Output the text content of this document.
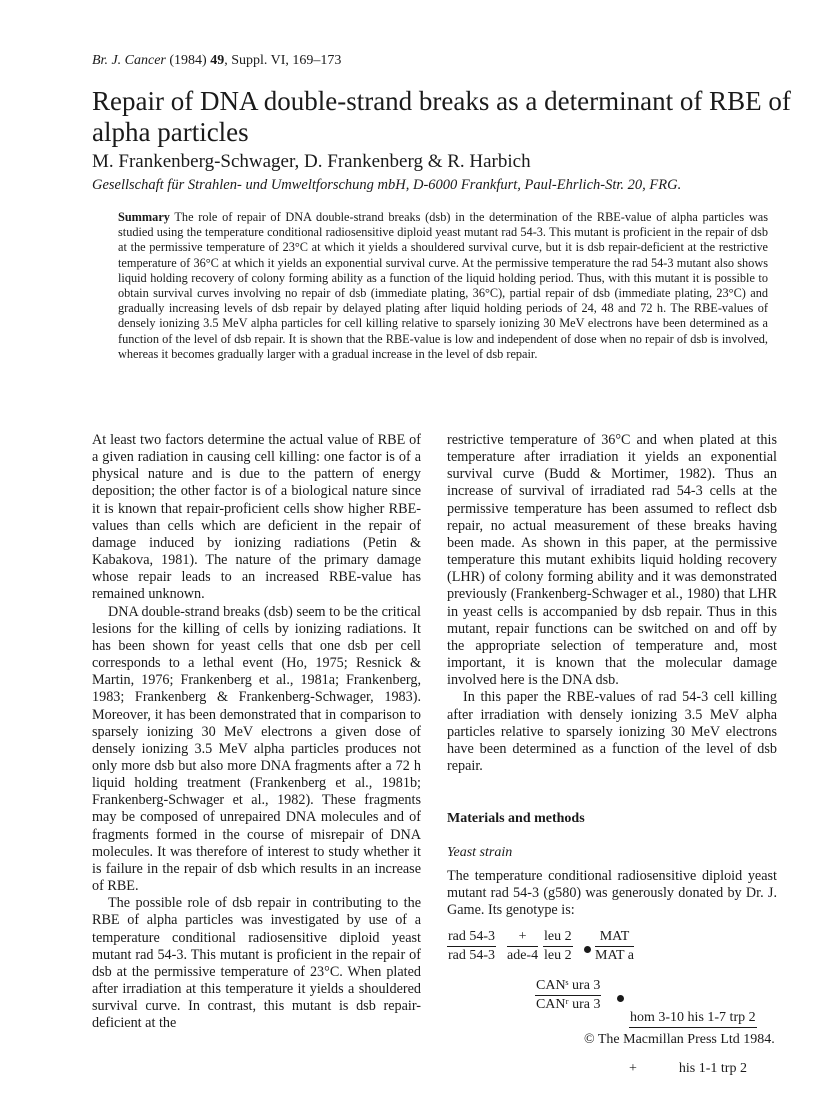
Br. J. Cancer (1984) 49, Suppl. VI, 169–173
Repair of DNA double-strand breaks as a determinant of RBE of alpha particles
M. Frankenberg-Schwager, D. Frankenberg & R. Harbich
Gesellschaft für Strahlen- und Umweltforschung mbH, D-6000 Frankfurt, Paul-Ehrlich-Str. 20, FRG.
Summary The role of repair of DNA double-strand breaks (dsb) in the determination of the RBE-value of alpha particles was studied using the temperature conditional radiosensitive diploid yeast mutant rad 54-3. This mutant is proficient in the repair of dsb at the permissive temperature of 23°C at which it yields a shouldered survival curve, but it is dsb repair-deficient at the restrictive temperature of 36°C at which it yields an exponential survival curve. At the permissive temperature the rad 54-3 mutant also shows liquid holding recovery of colony forming ability as a function of the liquid holding period. Thus, with this mutant it is possible to obtain survival curves involving no repair of dsb (immediate plating, 36°C), partial repair of dsb (immediate plating, 23°C) and gradually increasing levels of dsb repair by delayed plating after liquid holding periods of 24, 48 and 72 h. The RBE-values of densely ionizing 3.5 MeV alpha particles for cell killing relative to sparsely ionizing 30 MeV electrons have been determined as a function of the level of dsb repair. It is shown that the RBE-value is low and independent of dose when no repair of dsb is involved, whereas it becomes gradually larger with a gradual increase in the level of dsb repair.

At least two factors determine the actual value of RBE of a given radiation in causing cell killing: one factor is of a physical nature and is due to the pattern of energy deposition; the other factor is of a biological nature since it is known that repair-proficient cells show higher RBE-values than cells which are deficient in the repair of damage induced by ionizing radiations (Petin & Kabakova, 1981). The nature of the primary damage whose repair leads to an increased RBE-value has remained unknown.

DNA double-strand breaks (dsb) seem to be the critical lesions for the killing of cells by ionizing radiations. It has been shown for yeast cells that one dsb per cell corresponds to a lethal event (Ho, 1975; Resnick & Martin, 1976; Frankenberg et al., 1981a; Frankenberg, 1983; Frankenberg & Frankenberg-Schwager, 1983). Moreover, it has been demonstrated that in comparison to sparsely ionizing 30 MeV electrons a given dose of densely ionizing 3.5 MeV alpha particles produces not only more dsb but also more DNA fragments after a 72 h liquid holding treatment (Frankenberg et al., 1981b; Frankenberg-Schwager et al., 1982). These fragments may be composed of unrepaired DNA molecules and of fragments formed in the course of misrepair of DNA molecules. It was therefore of interest to study whether it is failure in the repair of dsb which results in an increase of RBE.

The possible role of dsb repair in contributing to the RBE of alpha particles was investigated by use of a temperature conditional radiosensitive diploid yeast mutant rad 54-3. This mutant is proficient in the repair of dsb at the permissive temperature of 23°C. When plated after irradiation at this temperature it yields a shouldered survival curve. In contrast, this mutant is dsb repair-deficient at the

restrictive temperature of 36°C and when plated at this temperature after irradiation it yields an exponential survival curve (Budd & Mortimer, 1982). Thus an increase of survival of irradiated rad 54-3 cells at the permissive temperature has been assumed to reflect dsb repair, no actual measurement of these breaks having been made. As shown in this paper, at the permissive temperature this mutant exhibits liquid holding recovery (LHR) of colony forming ability and it was demonstrated previously (Frankenberg-Schwager et al., 1980) that LHR in yeast cells is accompanied by dsb repair. Thus in this mutant, repair functions can be switched on and off by the appropriate selection of temperature and, most important, it is known that the molecular damage involved here is the DNA dsb.

In this paper the RBE-values of rad 54-3 cell killing after irradiation with densely ionizing 3.5 MeV alpha particles relative to sparsely ionizing 30 MeV electrons have been determined as a function of the level of dsb repair.

Materials and methods
Yeast strain
The temperature conditional radiosensitive diploid yeast mutant rad 54-3 (g580) was generously donated by Dr. J. Game. Its genotype is:
rad 54-3
rad 54-3
+
ade-4
leu 2
leu 2
MAT
MAT a
CANˢ ura 3
CANʳ ura 3

hom 3-10 his 1-7 trp 2

+            his 1-1 trp 2

© The Macmillan Press Ltd 1984.
